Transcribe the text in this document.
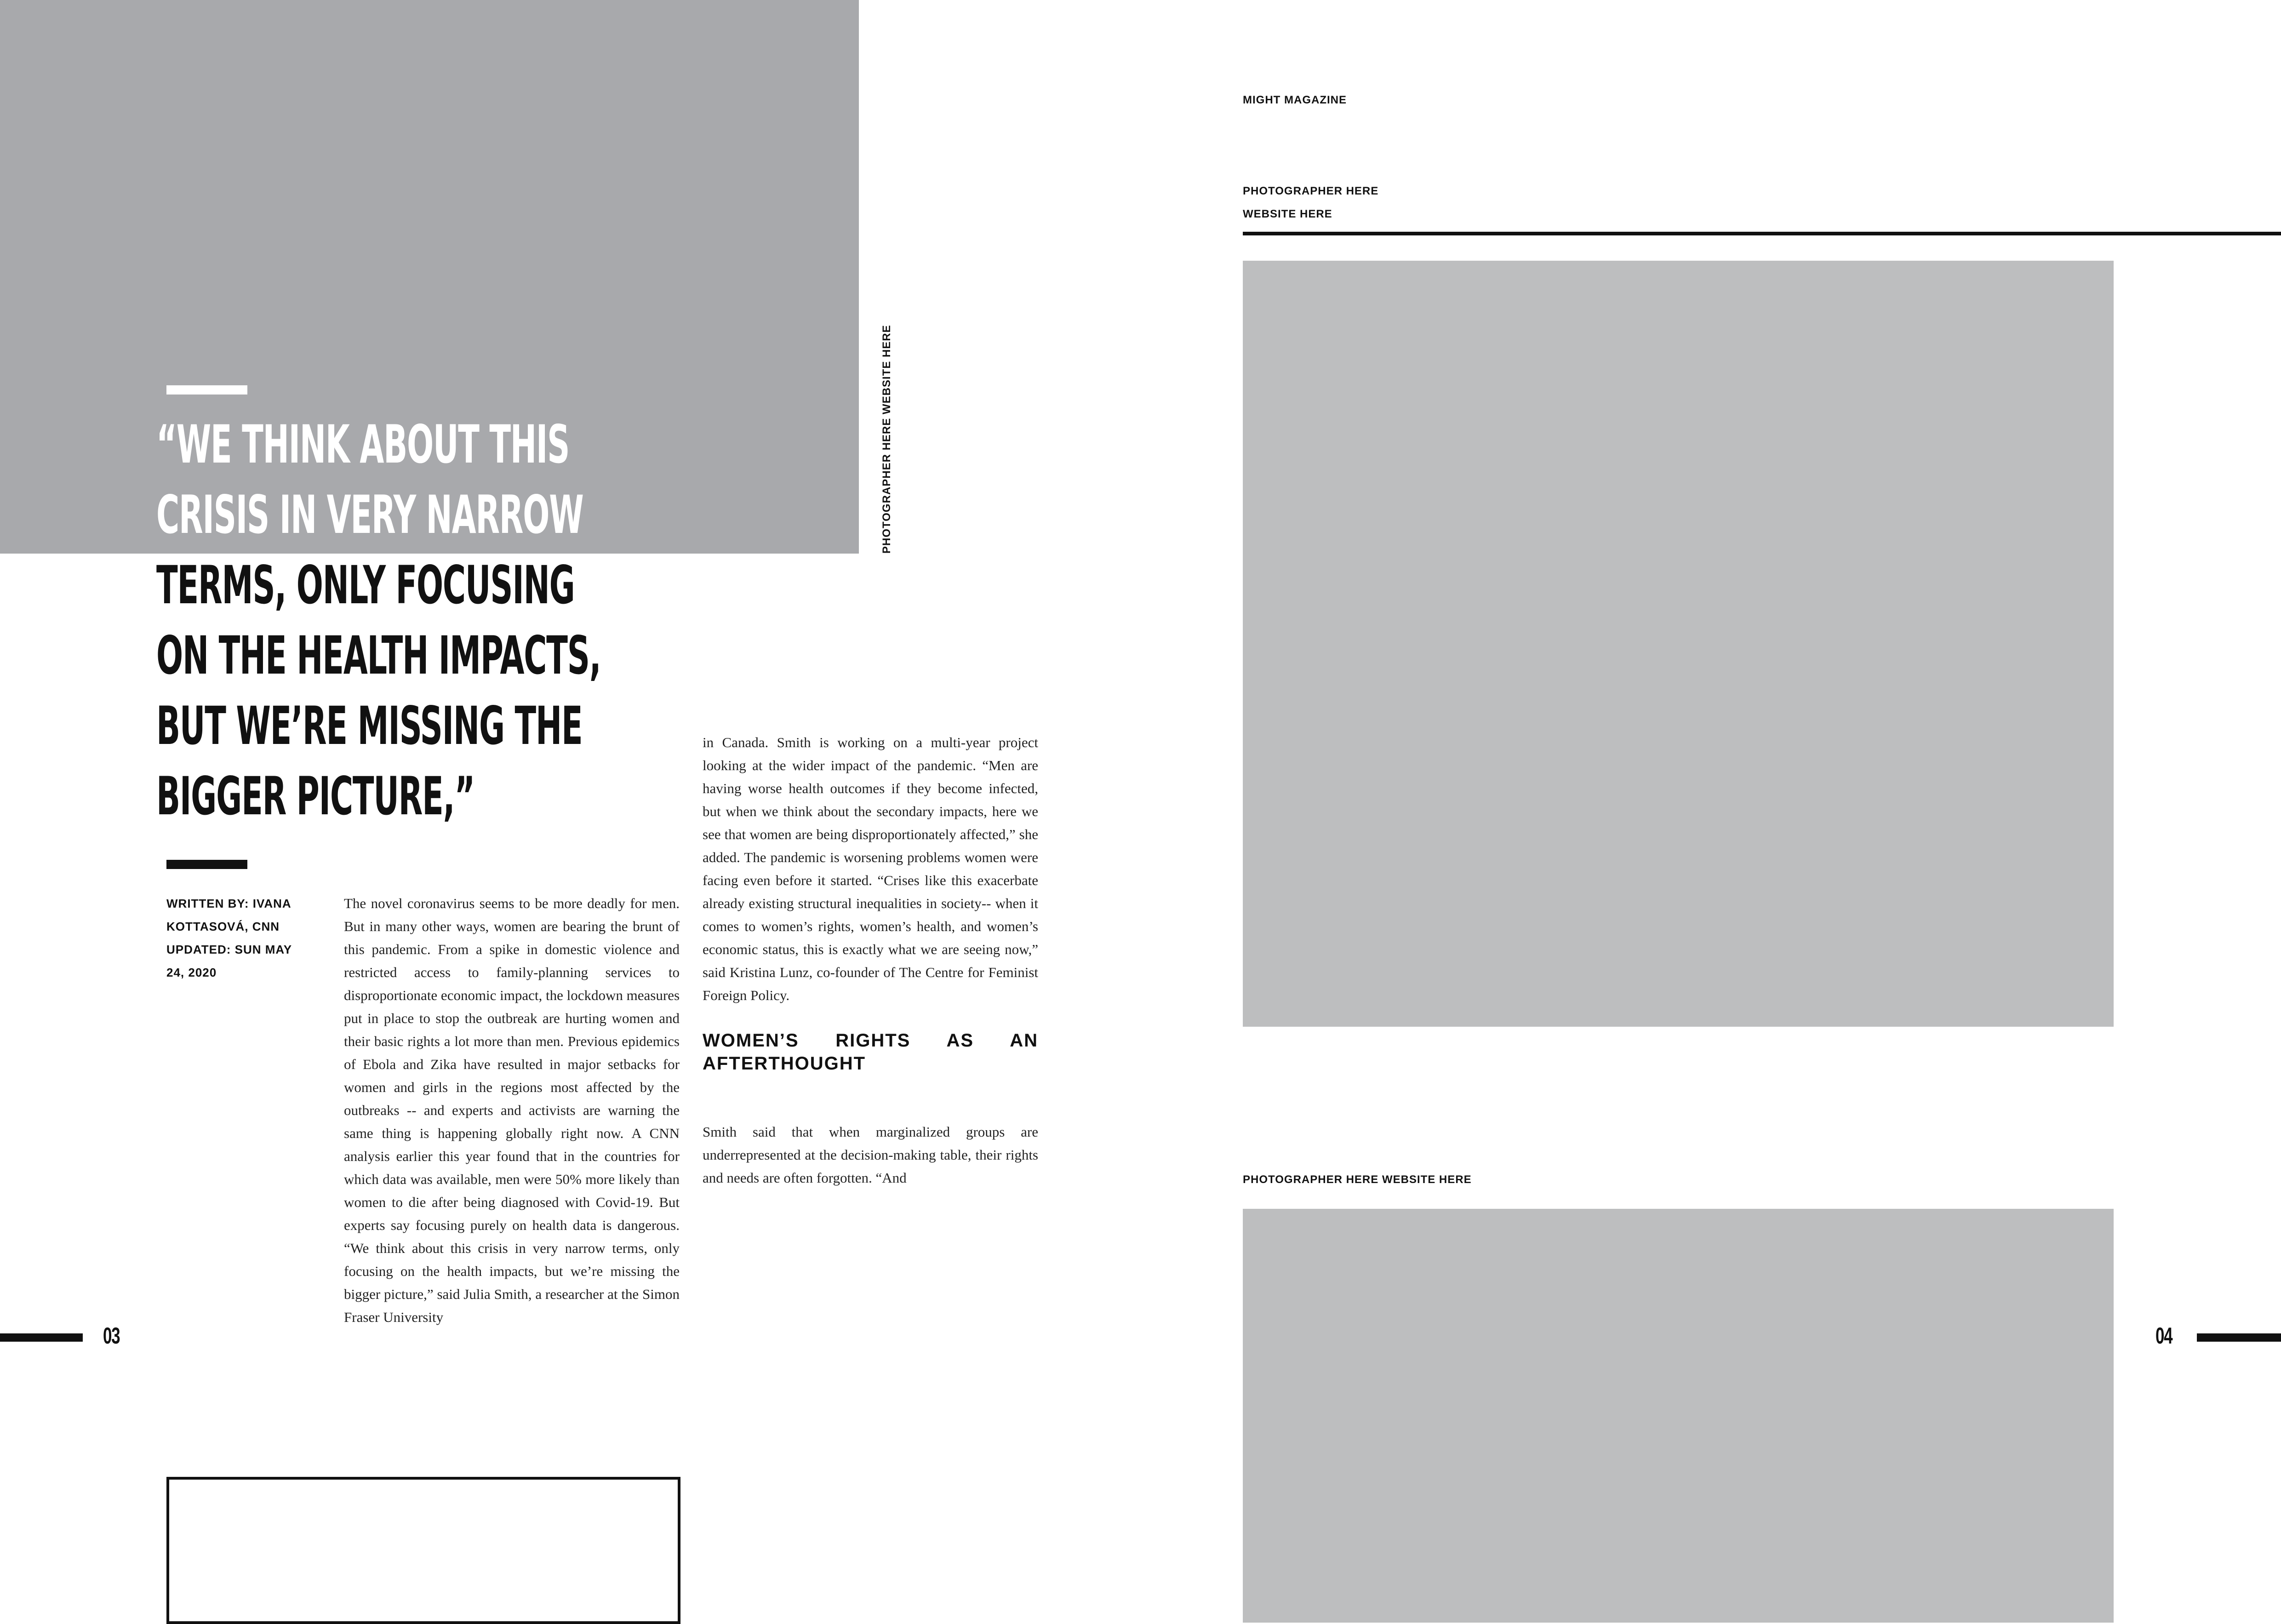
“WE THINK ABOUT THIS
CRISIS IN VERY NARROW
TERMS, ONLY FOCUSING
ON THE HEALTH IMPACTS,
BUT WE’RE MISSING THE
BIGGER PICTURE,”
WRITTEN BY: IVANA
KOTTASOVÁ, CNN
UPDATED: SUN MAY
24, 2020
The novel coronavirus seems to be more deadly for men. But in many other ways, women are bearing the brunt of this pandemic. From a spike in domestic violence and restricted access to family-planning services to disproportionate economic impact, the lockdown measures put in place to stop the outbreak are hurting women and their basic rights a lot more than men. Previous epidemics of Ebola and Zika have resulted in major setbacks for women and girls in the regions most affected by the outbreaks -- and experts and activists are warning the same thing is happening globally right now. A CNN analysis earlier this year found that in the countries for which data was available, men were 50% more likely than women to die after being diagnosed with Covid-19. But experts say focusing purely on health data is dangerous. “We think about this crisis in very narrow terms, only focusing on the health impacts, but we’re missing the bigger picture,” said Julia Smith, a researcher at the Simon Fraser University

in Canada. Smith is working on a multi-year project looking at the wider impact of the pandemic. “Men are having worse health outcomes if they become infected, but when we think about the secondary impacts, here we see that women are being disproportionately affected,” she added. The pandemic is worsening problems women were facing even before it started. “Crises like this exacerbate already existing structural inequalities in society-- when it comes to women’s rights, women’s health, and women’s economic status, this is exactly what we are seeing now,” said Kristina Lunz, co-founder of The Centre for Feminist Foreign Policy.

WOMEN’S RIGHTS AS AN AFTERTHOUGHT
Smith said that when marginalized groups are underrepresented at the decision-making table, their rights and needs are often forgotten. “And
PHOTOGRAPHER HERE WEBSITE HERE
03
MIGHT MAGAZINE
PHOTOGRAPHER HERE
WEBSITE HERE
PHOTOGRAPHER HERE WEBSITE HERE
04
